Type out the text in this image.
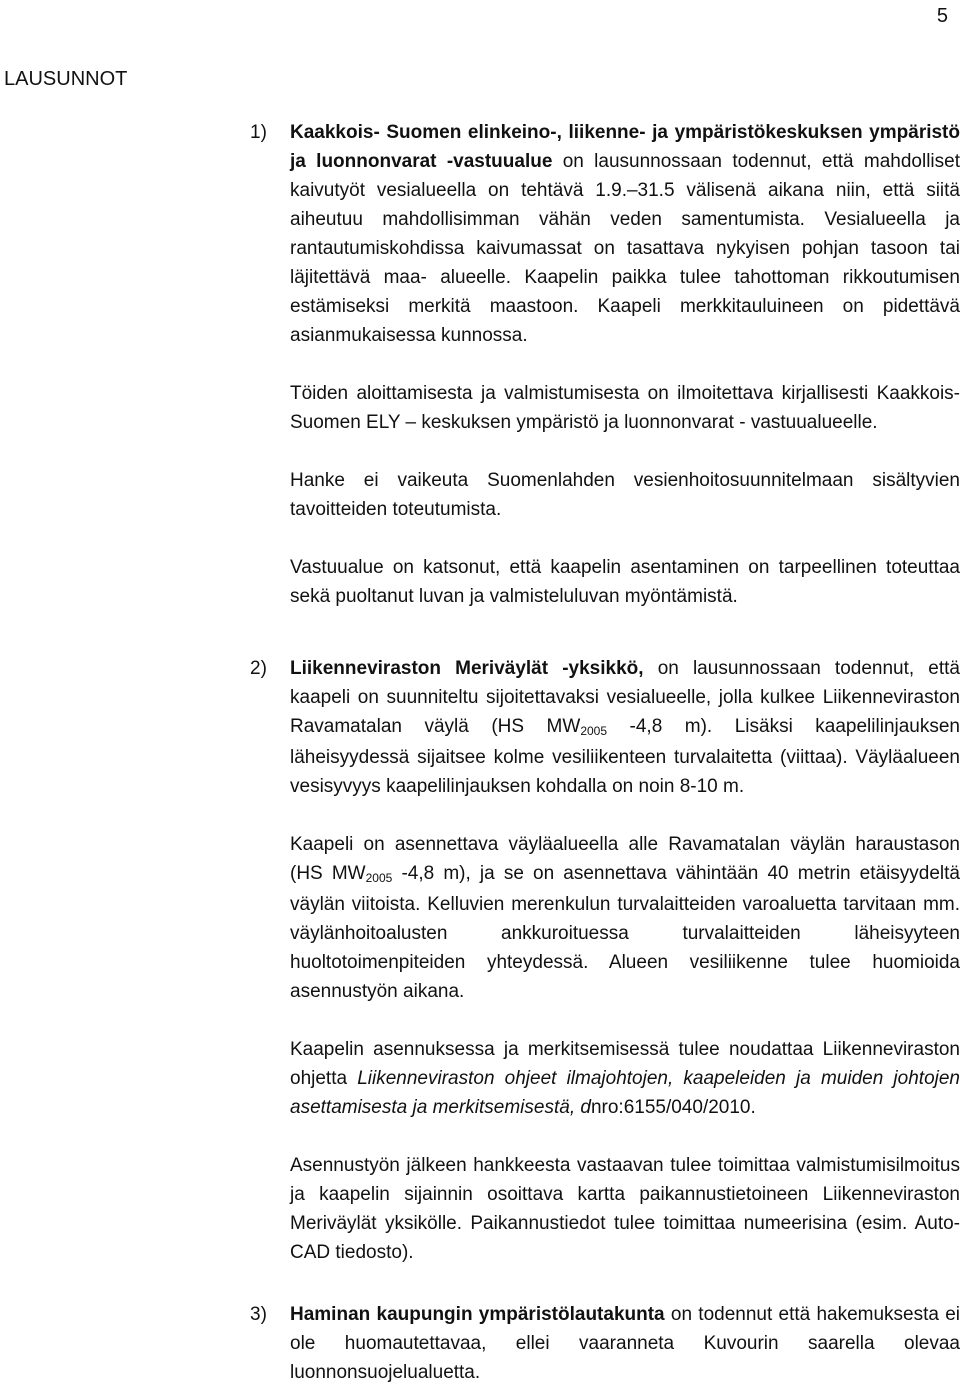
5
LAUSUNNOT
1) Kaakkois- Suomen elinkeino-, liikenne- ja ympäristökeskuksen ympäristö ja luonnonvarat -vastuualue on lausunnossaan todennut, että mahdolliset kaivutyöt vesialueella on tehtävä 1.9.–31.5 välisenä aikana niin, että siitä aiheutuu mahdollisimman vähän veden samentumista. Vesialueella ja rantautumiskohdissa kaivumassat on tasattava nykyisen pohjan tasoon tai läjitettävä maa- alueelle. Kaapelin paikka tulee tahottoman rikkoutumisen estämiseksi merkitä maastoon. Kaapeli merkkitauluineen on pidettävä asianmukaisessa kunnossa.

Töiden aloittamisesta ja valmistumisesta on ilmoitettava kirjallisesti Kaakkois- Suomen ELY – keskuksen ympäristö ja luonnonvarat - vastuualueelle.

Hanke ei vaikeuta Suomenlahden vesienhoitosuunnitelmaan sisältyvien tavoitteiden toteutumista.

Vastuualue on katsonut, että kaapelin asentaminen on tarpeellinen toteuttaa sekä puoltanut luvan ja valmisteluluvan myöntämistä.

2) Liikenneviraston Meriväylät -yksikkö, on lausunnossaan todennut, että kaapeli on suunniteltu sijoitettavaksi vesialueelle, jolla kulkee Liikenneviraston Ravamatalan väylä (HS MW2005 -4,8 m). Lisäksi kaapelilinjauksen läheisyydessä sijaitsee kolme vesiliikenteen turvalaitetta (viittaa). Väyläalueen vesisyvyys kaapelilinjauksen kohdalla on noin 8-10 m.

Kaapeli on asennettava väyläalueella alle Ravamatalan väylän haraustason (HS MW2005 -4,8 m), ja se on asennettava vähintään 40 metrin etäisyydeltä väylän viitoista. Kelluvien merenkulun turvalaitteiden varoaluetta tarvitaan mm. väylänhoitoalusten ankkuroituessa turvalaitteiden läheisyyteen huoltotoimenpiteiden yhteydessä. Alueen vesiliikenne tulee huomioida asennustyön aikana.

Kaapelin asennuksessa ja merkitsemisessä tulee noudattaa Liikenneviraston ohjetta Liikenneviraston ohjeet ilmajohtojen, kaapeleiden ja muiden johtojen asettamisesta ja merkitsemisestä, dnro:6155/040/2010.

Asennustyön jälkeen hankkeesta vastaavan tulee toimittaa valmistumisilmoitus ja kaapelin sijainnin osoittava kartta paikannustietoineen Liikenneviraston Meriväylät yksikölle. Paikannustiedot tulee toimittaa numeerisina (esim. Auto-CAD tiedosto).

3) Haminan kaupungin ympäristölautakunta on todennut että hakemuksesta ei ole huomautettavaa, ellei vaaranneta Kuvourin saarella olevaa luonnonsuojelualuetta.
